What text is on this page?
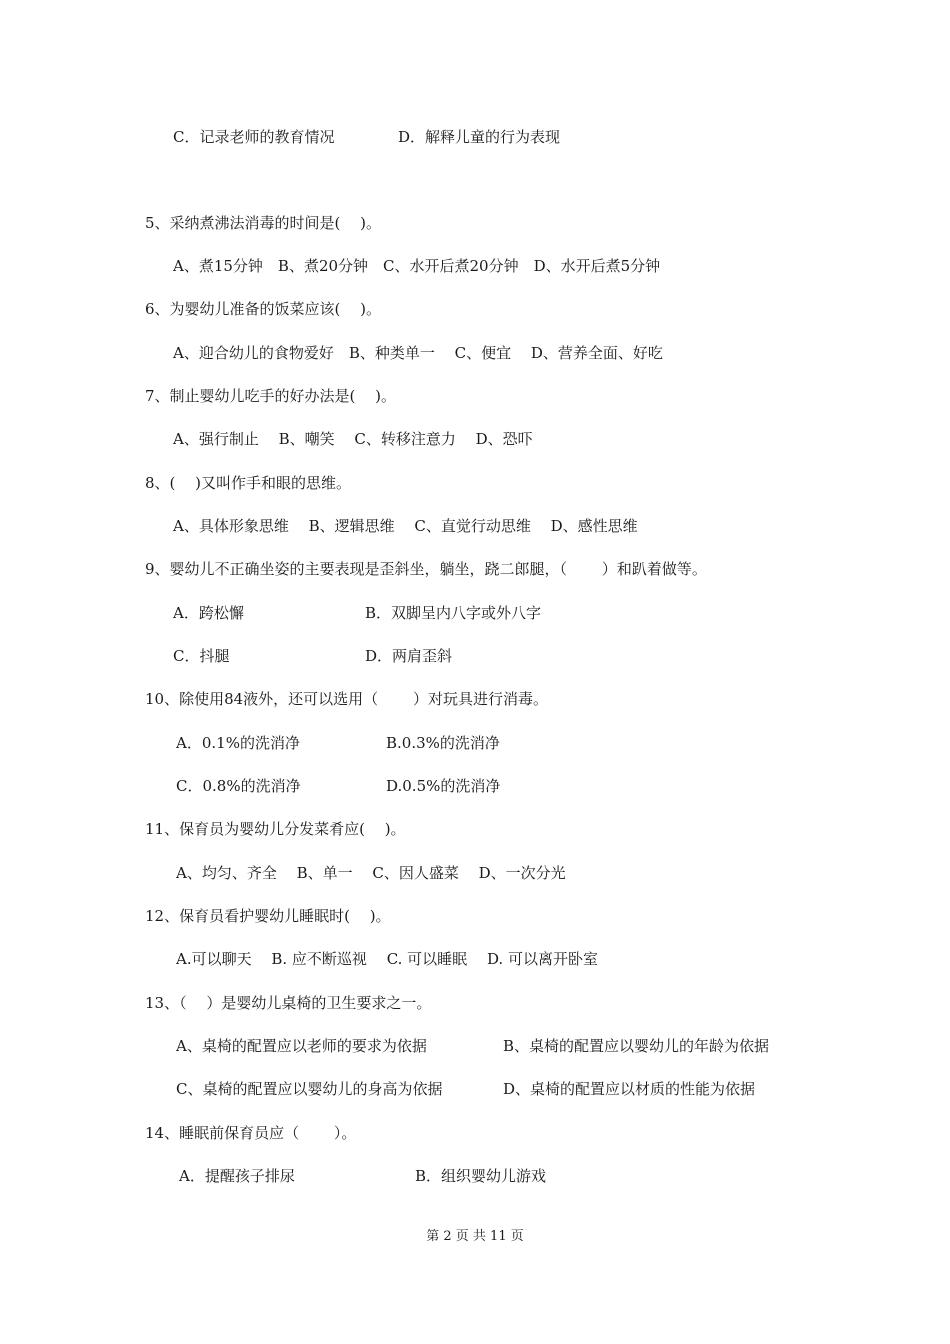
C．记录老师的教育情况	D．解释儿童的行为表现
5、采纳煮沸法消毒的时间是(　 )。
A、煮15分钟　B、煮20分钟　C、水开后煮20分钟　D、水开后煮5分钟
6、为婴幼儿准备的饭菜应该(　 )。
A、迎合幼儿的食物爱好　B、种类单一　 C、便宜　 D、营养全面、好吃
7、制止婴幼儿吃手的好办法是(　 )。
A、强行制止　 B、嘲笑　 C、转移注意力　 D、恐吓
8、(　 )又叫作手和眼的思维。
A、具体形象思维　 B、逻辑思维　 C、直觉行动思维　 D、感性思维
9、婴幼儿不正确坐姿的主要表现是歪斜坐，躺坐，跷二郎腿，（　　 ）和趴着做等。
A．跨松懈	B．双脚呈内八字或外八字
C．抖腿	D．两肩歪斜
10、除使用84液外，还可以选用（　　 ）对玩具进行消毒。
A．0.1%的洗消净	B.0.3%的洗消净
C．0.8%的洗消净	D.0.5%的洗消净
11、保育员为婴幼儿分发菜肴应(　 )。
A、均匀、齐全　 B、单一　 C、因人盛菜　 D、一次分光
12、保育员看护婴幼儿睡眠时(　 )。
A.可以聊天　 B. 应不断巡视　 C. 可以睡眠　 D. 可以离开卧室
13、（　 ）是婴幼儿桌椅的卫生要求之一。
A、桌椅的配置应以老师的要求为依据	B、桌椅的配置应以婴幼儿的年龄为依据
C、桌椅的配置应以婴幼儿的身高为依据	D、桌椅的配置应以材质的性能为依据
14、睡眠前保育员应（　　 ）。
A．提醒孩子排尿	B．组织婴幼儿游戏
第 2 页 共 11 页
